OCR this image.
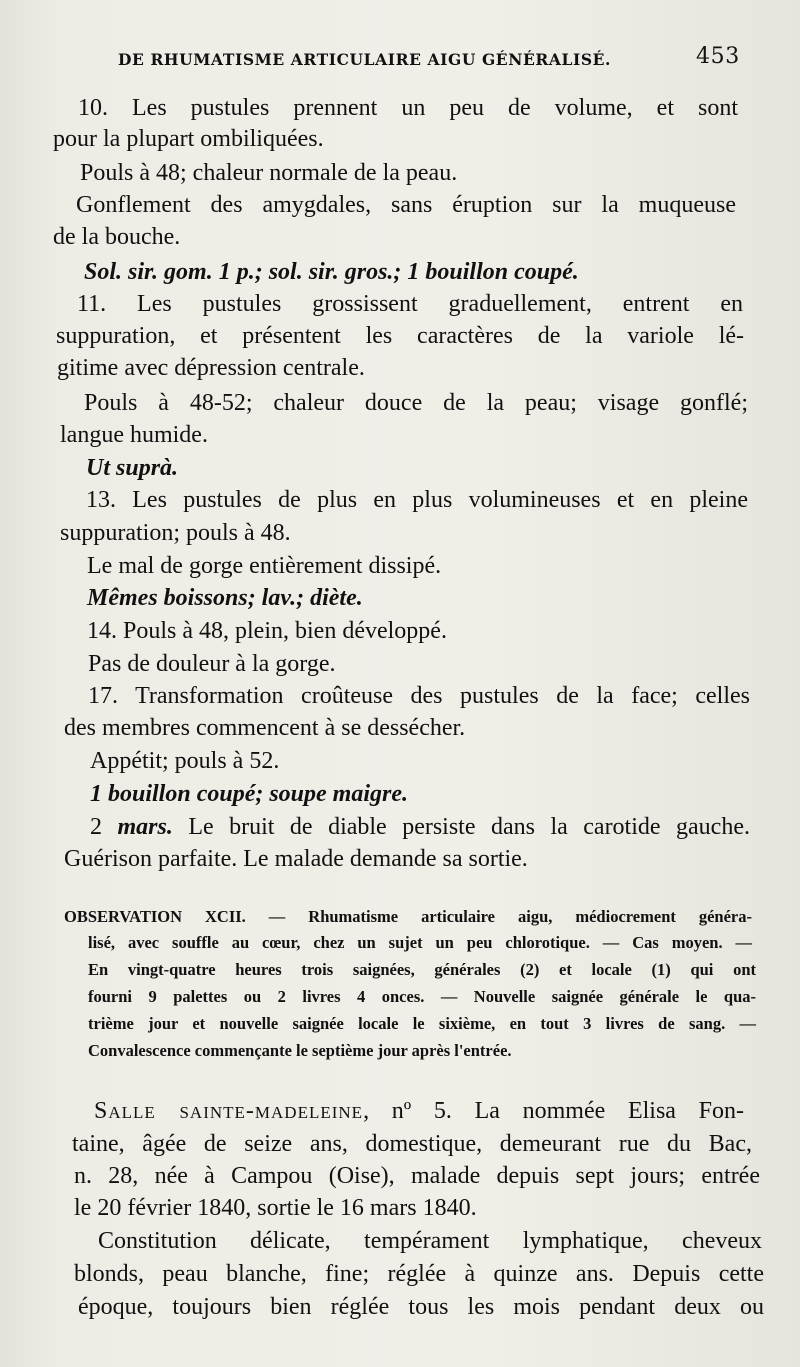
DE RHUMATISME ARTICULAIRE AIGU GÉNÉRALISÉ.	453
10. Les pustules prennent un peu de volume, et sont
pour la plupart ombiliquées.
Pouls à 48; chaleur normale de la peau.
Gonflement des amygdales, sans éruption sur la muqueuse
de la bouche.
Sol. sir. gom. 1 p.; sol. sir. gros.; 1 bouillon coupé.
11. Les pustules grossissent graduellement, entrent en
suppuration, et présentent les caractères de la variole lé-
gitime avec dépression centrale.
Pouls à 48-52; chaleur douce de la peau; visage gonflé;
langue humide.
Ut suprà.
13. Les pustules de plus en plus volumineuses et en pleine
suppuration; pouls à 48.
Le mal de gorge entièrement dissipé.
Mêmes boissons; lav.; diète.
14. Pouls à 48, plein, bien développé.
Pas de douleur à la gorge.
17. Transformation croûteuse des pustules de la face; celles
des membres commencent à se dessécher.
Appétit; pouls à 52.
1 bouillon coupé; soupe maigre.
2 mars. Le bruit de diable persiste dans la carotide gauche.
Guérison parfaite. Le malade demande sa sortie.
OBSERVATION XCII. — Rhumatisme articulaire aigu, médiocrement généra-
lisé, avec souffle au cœur, chez un sujet un peu chlorotique. — Cas moyen. —
En vingt-quatre heures trois saignées, générales (2) et locale (1) qui ont
fourni 9 palettes ou 2 livres 4 onces. — Nouvelle saignée générale le qua-
trième jour et nouvelle saignée locale le sixième, en tout 3 livres de sang. —
Convalescence commençante le septième jour après l'entrée.
Salle sainte-madeleine, nº 5. La nommée Elisa Fon-
taine, âgée de seize ans, domestique, demeurant rue du Bac,
n. 28, née à Campou (Oise), malade depuis sept jours; entrée
le 20 février 1840, sortie le 16 mars 1840.
Constitution délicate, tempérament lymphatique, cheveux
blonds, peau blanche, fine; réglée à quinze ans. Depuis cette
époque, toujours bien réglée tous les mois pendant deux ou
